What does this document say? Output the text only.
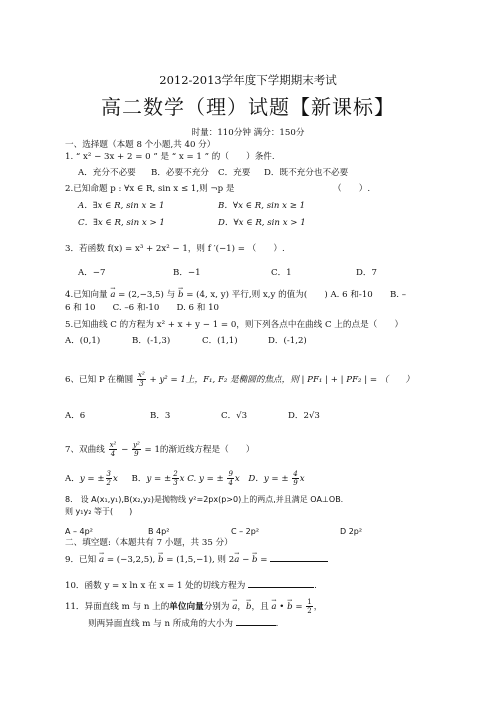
2012-2013学年度下学期期末考试
高二数学（理）试题【新课标】
时量：110分钟 满分：150分
一、选择题（本题 8 个小题,共 40 分）
1. “ x² − 3x + 2 = 0 ” 是 “ x = 1 ” 的（　　）条件.
A．充分不必要 B．必要不充分 C．充要 D．既不充分也不必要
2.已知命题 p : ∀x ∈ R, sin x ≤ 1,则 ¬p 是	（　　）.
A．∃x ∈ R, sin x ≥ 1	B．∀x ∈ R, sin x ≥ 1
C．∃x ∈ R, sin x > 1	D．∀x ∈ R, sin x > 1
3．若函数 f(x) = x³ + 2x² − 1，则 f ′(−1) = （　　）.
A．−7	B．−1	C．1	D．7
4.已知向量 → a = (2,−3,5) 与 → b = (4, x, y) 平行,则 x,y 的值为(　　) A. 6 和-10　　B. –
6 和 10　　C. –6 和-10　　D. 6 和 10
5.已知曲线 C 的方程为 x² + x + y − 1 = 0，则下列各点中在曲线 C 上的点是（　　）
A．(0,1)	B．(-1,3)	C．(1,1)	D．(-1,2)
6、已知 P 在椭圆 $\frac{\text{x²}}{3} + y^2 = 1$上，F₁, F₂ 是椭圆的焦点，则 | PF₁ | + | PF₂ | = （　　）
A．6	B．3	C．√3	D．2√3
7、双曲线 $\frac{\text{x²}}{4} - \frac{\text{y²}}{9} = 1$的渐近线方程是（　　）
A．y = ± $\frac{3}{2}$ x B．y = ± $\frac{2}{3}$ x C. y = ± $\frac{9}{4}$ x　D．y = ± $\frac{4}{9}$ x
8． 设 A(x₁,y₁),B(x₂,y₂)是抛物线 y²=2px(p>0)上的两点,并且满足 OA⊥OB.
则 y₁y₂ 等于(　　)
A – 4p²	B 4p²	C – 2p²	D 2p²
二、填空题:（本题共有 7 小题，共 35 分）
9．已知 → a = (−3,2,5), → b = (1,5,−1), 则 2→ a − → b =
10．函数 y = x ln x 在 x = 1 处的切线方程为	.
11．异面直线 m 与 n 上的单位向量分别为 → a，→ b，且 → a • → $b = \frac{1}{2}$ ，
则两异面直线 m 与 n 所成角的大小为	.
